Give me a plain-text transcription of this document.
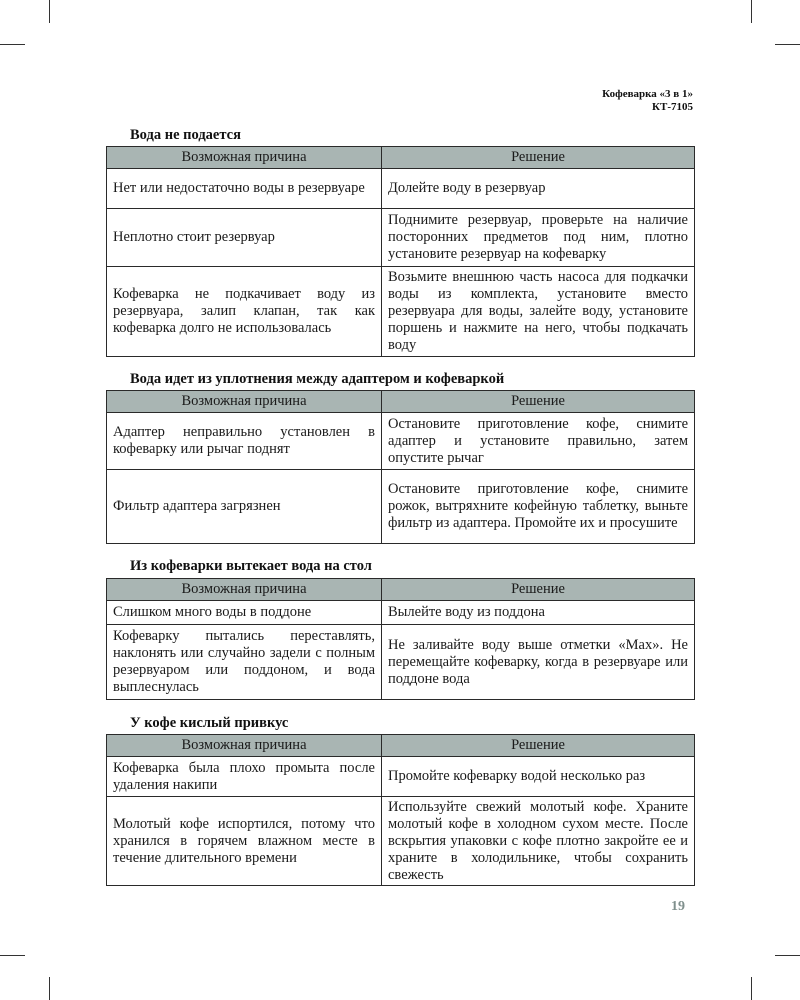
Кофеварка «3 в 1»
КТ-7105
Вода не подается
Возможная причина	Решение
Нет или недостаточно воды в резервуаре	Долейте воду в резервуар
Неплотно стоит резервуар	Поднимите резервуар, проверьте на наличие посторонних предметов под ним, плотно установите резервуар на кофеварку
Кофеварка не подкачивает воду из резервуара, залип клапан, так как кофеварка долго не использовалась	Возьмите внешнюю часть насоса для подкачки воды из комплекта, установите вместо резервуара для воды, залейте воду, установите поршень и нажмите на него, чтобы подкачать воду
Вода идет из уплотнения между адаптером и кофеваркой
Возможная причина	Решение
Адаптер неправильно установлен в кофеварку или рычаг поднят	Остановите приготовление кофе, снимите адаптер и установите правильно, затем опустите рычаг
Фильтр адаптера загрязнен	Остановите приготовление кофе, снимите рожок, вытряхните кофейную таблетку, выньте фильтр из адаптера. Промойте их и просушите
Из кофеварки вытекает вода на стол
Возможная причина	Решение
Слишком много воды в поддоне	Вылейте воду из поддона
Кофеварку пытались переставлять, наклонять или случайно задели с полным резервуаром или поддоном, и вода выплеснулась	Не заливайте воду выше отметки «Max». Не перемещайте кофеварку, когда в резервуаре или поддоне вода
У кофе кислый привкус
Возможная причина	Решение
Кофеварка была плохо промыта после удаления накипи	Промойте кофеварку водой несколько раз
Молотый кофе испортился, потому что хранился в горячем влажном месте в течение длительного времени	Используйте свежий молотый кофе. Храните молотый кофе в холодном сухом месте. После вскрытия упаковки с кофе плотно закройте ее и храните в холодильнике, чтобы сохранить свежесть
19
